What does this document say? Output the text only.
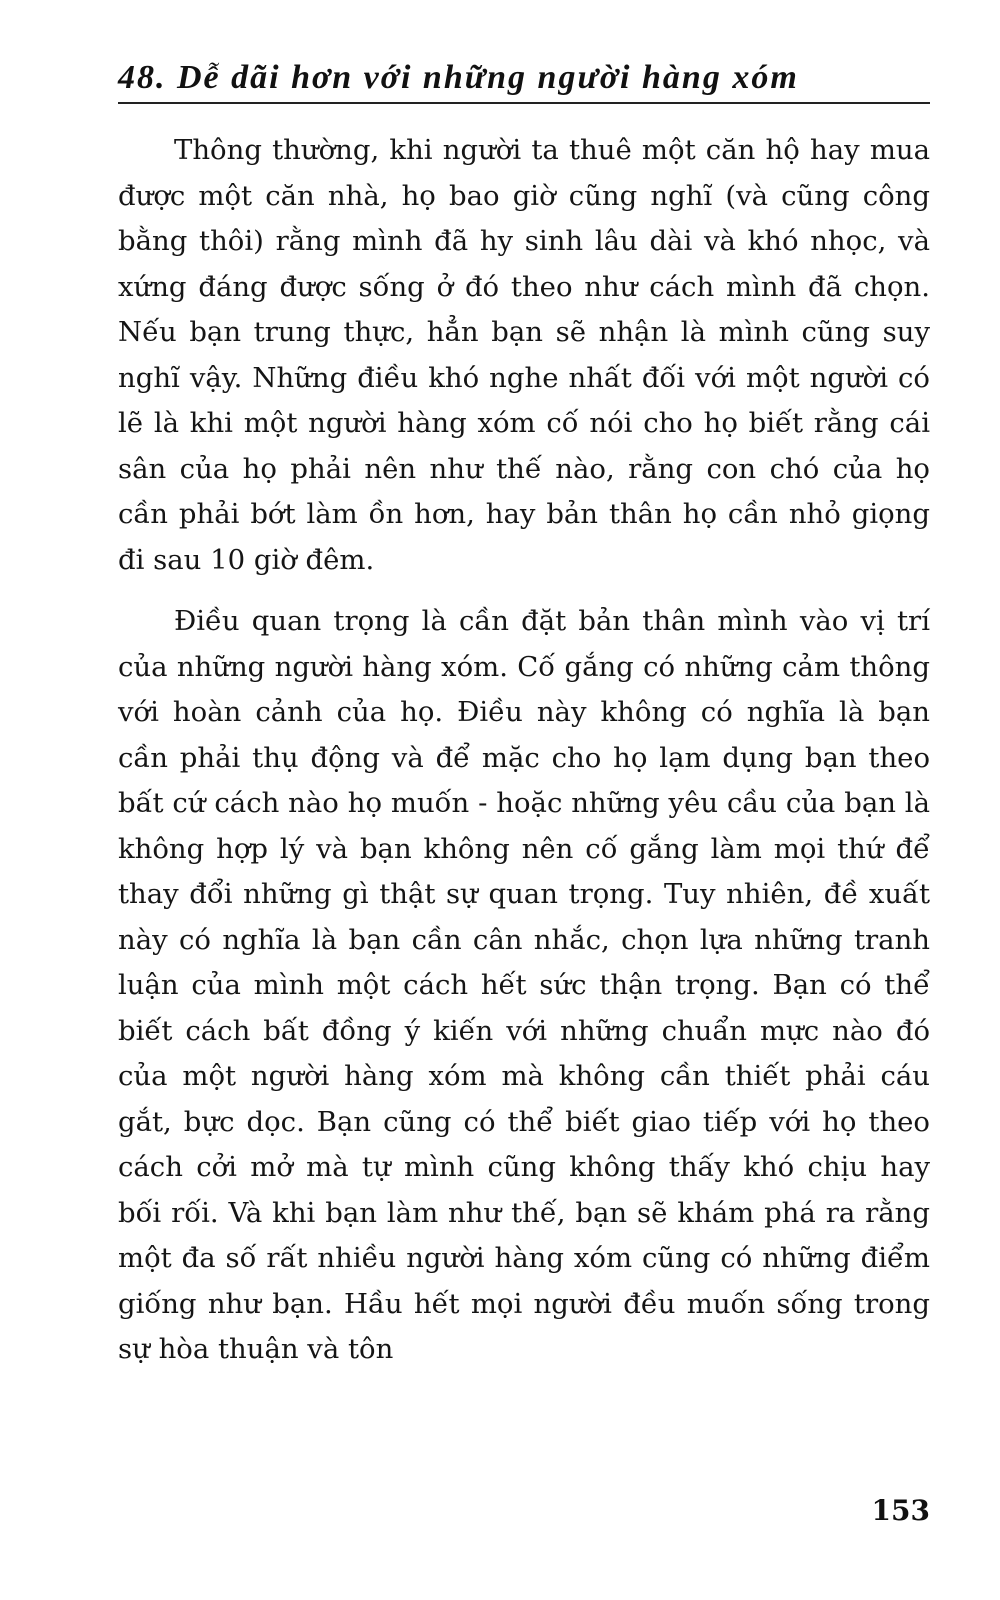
48. Dễ dãi hơn với những người hàng xóm

Thông thường, khi người ta thuê một căn hộ hay mua được một căn nhà, họ bao giờ cũng nghĩ (và cũng công bằng thôi) rằng mình đã hy sinh lâu dài và khó nhọc, và xứng đáng được sống ở đó theo như cách mình đã chọn. Nếu bạn trung thực, hẳn bạn sẽ nhận là mình cũng suy nghĩ vậy. Những điều khó nghe nhất đối với một người có lẽ là khi một người hàng xóm cố nói cho họ biết rằng cái sân của họ phải nên như thế nào, rằng con chó của họ cần phải bớt làm ồn hơn, hay bản thân họ cần nhỏ giọng đi sau 10 giờ đêm.

Điều quan trọng là cần đặt bản thân mình vào vị trí của những người hàng xóm. Cố gắng có những cảm thông với hoàn cảnh của họ. Điều này không có nghĩa là bạn cần phải thụ động và để mặc cho họ lạm dụng bạn theo bất cứ cách nào họ muốn - hoặc những yêu cầu của bạn là không hợp lý và bạn không nên cố gắng làm mọi thứ để thay đổi những gì thật sự quan trọng. Tuy nhiên, đề xuất này có nghĩa là bạn cần cân nhắc, chọn lựa những tranh luận của mình một cách hết sức thận trọng. Bạn có thể biết cách bất đồng ý kiến với những chuẩn mực nào đó của một người hàng xóm mà không cần thiết phải cáu gắt, bực dọc. Bạn cũng có thể biết giao tiếp với họ theo cách cởi mở mà tự mình cũng không thấy khó chịu hay bối rối. Và khi bạn làm như thế, bạn sẽ khám phá ra rằng một đa số rất nhiều người hàng xóm cũng có những điểm giống như bạn. Hầu hết mọi người đều muốn sống trong sự hòa thuận và tôn

153
